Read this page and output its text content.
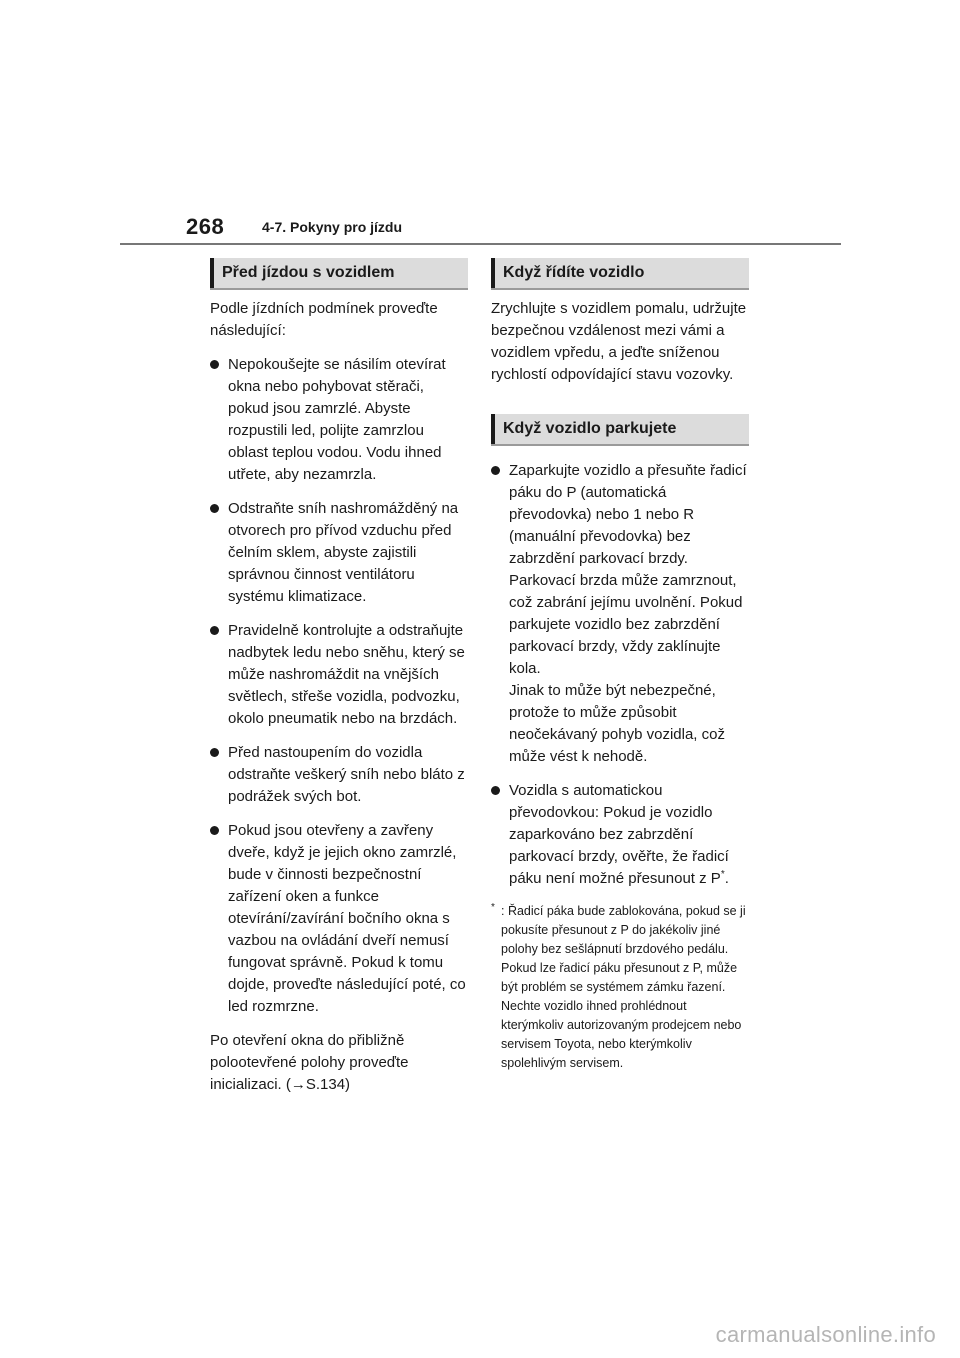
268	4-7. Pokyny pro jízdu
Před jízdou s vozidlem

Podle jízdních podmínek proveďte následující:

Nepokoušejte se násilím otevírat okna nebo pohybovat stěrači, pokud jsou zamrzlé. Abyste rozpustili led, polijte zamrzlou oblast teplou vodou. Vodu ihned utřete, aby nezamrzla.
Odstraňte sníh nashromážděný na otvorech pro přívod vzduchu před čelním sklem, abyste zajistili správnou činnost ventilátoru systému klimatizace.
Pravidelně kontrolujte a odstraňujte nadbytek ledu nebo sněhu, který se může nashromáždit na vnějších světlech, střeše vozidla, podvozku, okolo pneumatik nebo na brzdách.
Před nastoupením do vozidla odstraňte veškerý sníh nebo bláto z podrážek svých bot.
Pokud jsou otevřeny a zavřeny dveře, když je jejich okno zamrzlé, bude v činnosti bezpečnostní zařízení oken a funkce otevírání/zavírání bočního okna s vazbou na ovládání dveří nemusí fungovat správně. Pokud k tomu dojde, proveďte následující poté, co led rozmrzne.

Po otevření okna do přibližně polootevřené polohy proveďte inicializaci. (→S.134)

Když řídíte vozidlo

Zrychlujte s vozidlem pomalu, udržujte bezpečnou vzdálenost mezi vámi a vozidlem vpředu, a jeďte sníženou rychlostí odpovídající stavu vozovky.

Když vozidlo parkujete
Zaparkujte vozidlo a přesuňte řadicí páku do P (automatická převodovka) nebo 1 nebo R (manuální převodovka) bez zabrzdění parkovací brzdy. Parkovací brzda může zamrznout, což zabrání jejímu uvolnění. Pokud parkujete vozidlo bez zabrzdění parkovací brzdy, vždy zaklínujte kola.
Jinak to může být nebezpečné, protože to může způsobit neočekávaný pohyb vozidla, což může vést k nehodě.
Vozidla s automatickou převodovkou: Pokud je vozidlo zaparkováno bez zabrzdění parkovací brzdy, ověřte, že řadicí páku není možné přesunout z P*.

* : Řadicí páka bude zablokována, pokud se ji pokusíte přesunout z P do jakékoliv jiné polohy bez sešlápnutí brzdového pedálu. Pokud lze řadicí páku přesunout z P, může být problém se systémem zámku řazení. Nechte vozidlo ihned prohlédnout kterýmkoliv autorizovaným prodejcem nebo servisem Toyota, nebo kterýmkoliv spolehlivým servisem.

carmanualsonline.info
